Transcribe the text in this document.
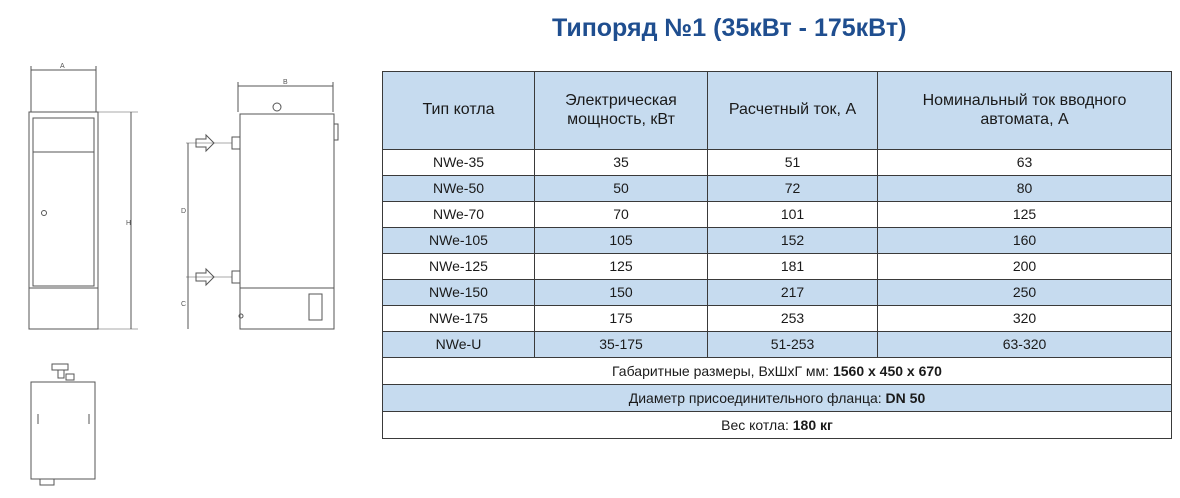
Типоряд №1 (35кВт - 175кВт)
A
H
B
D
C
Тип котла	Электрическая мощность, кВт	Расчетный ток, А	Номинальный ток вводного автомата, А
NWe-35	35	51	63
NWe-50	50	72	80
NWe-70	70	101	125
NWe-105	105	152	160
NWe-125	125	181	200
NWe-150	150	217	250
NWe-175	175	253	320
NWe-U	35-175	51-253	63-320
Габаритные размеры, ВхШхГ мм: 1560 х 450 х 670			
Диаметр присоединительного фланца: DN 50			
Вес котла: 180 кг			
